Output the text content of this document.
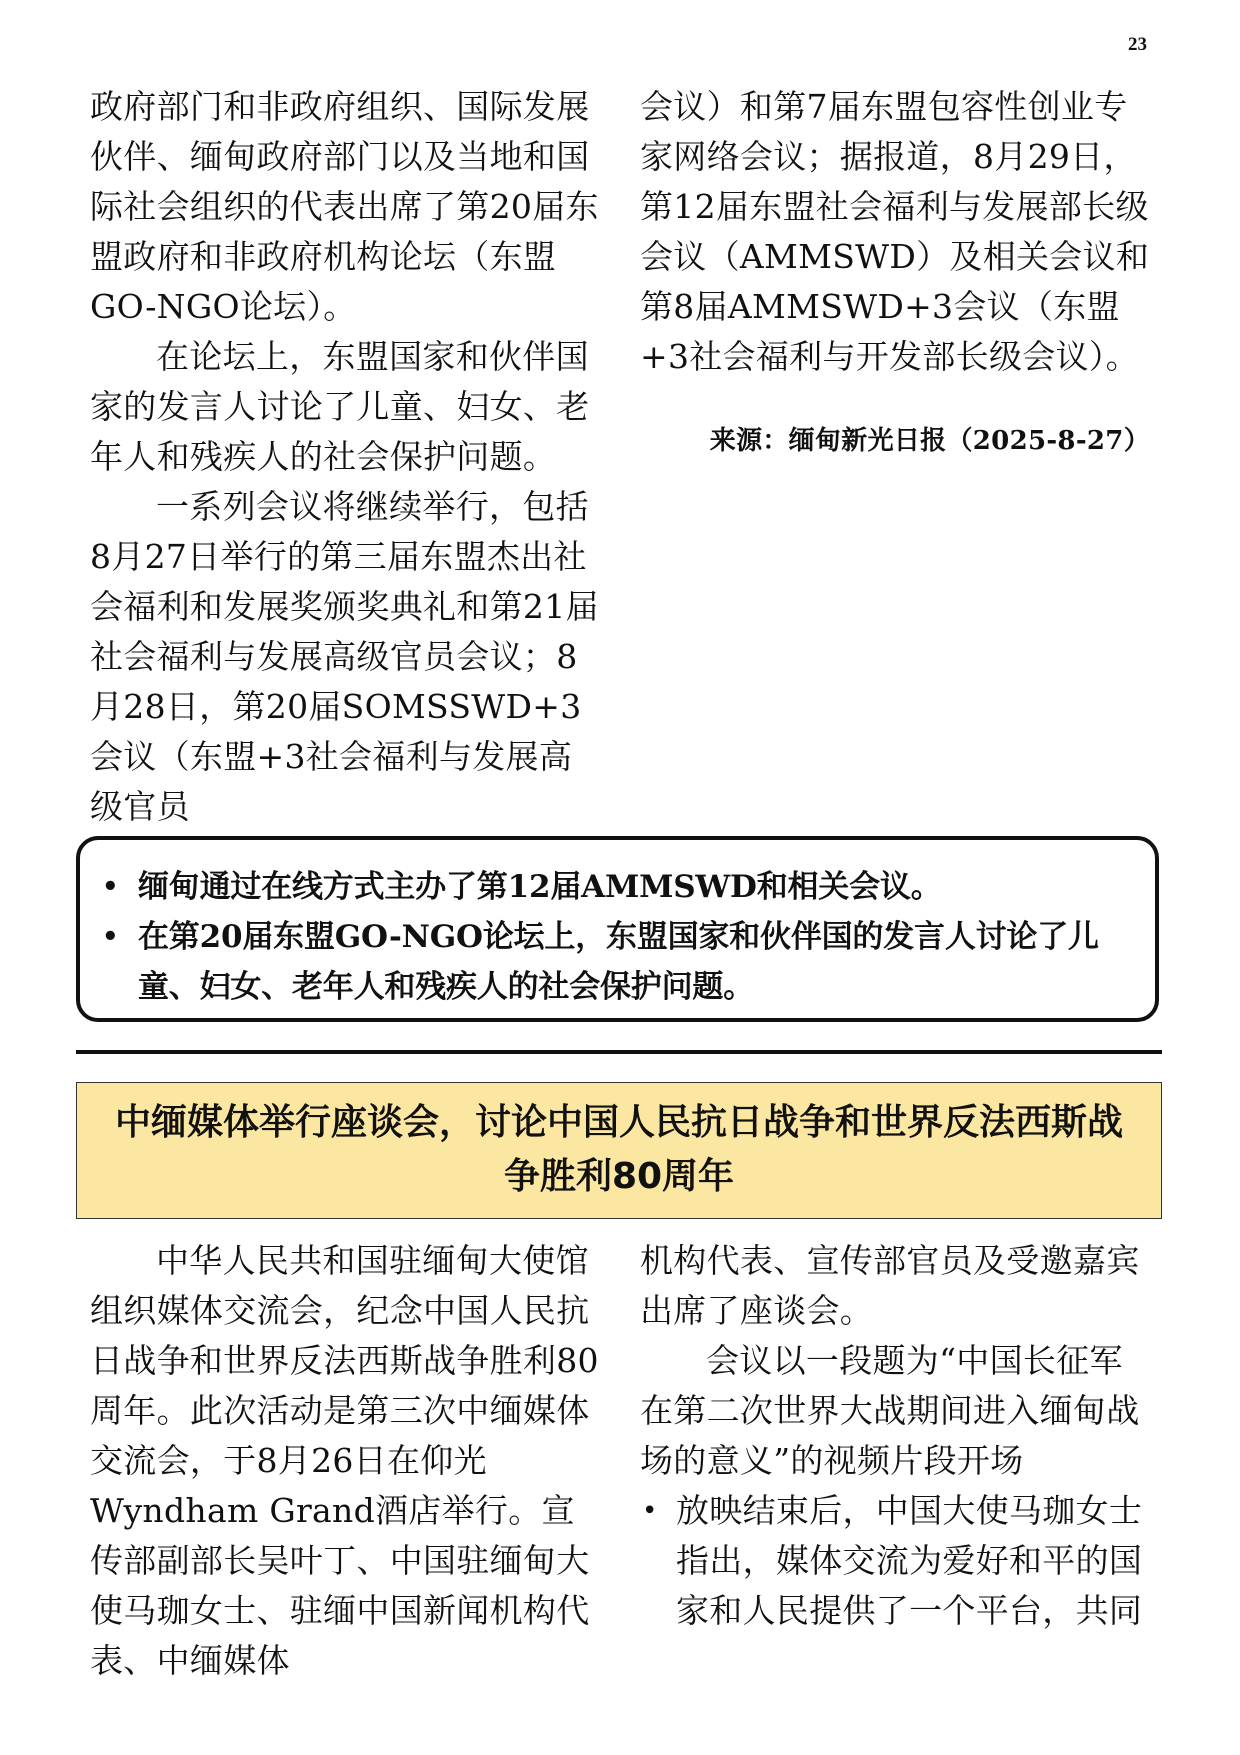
23

政府部门和非政府组织、国际发展伙伴、缅甸政府部门以及当地和国际社会组织的代表出席了第20届东盟政府和非政府机构论坛（东盟GO-NGO论坛）。

在论坛上，东盟国家和伙伴国家的发言人讨论了儿童、妇女、老年人和残疾人的社会保护问题。

一系列会议将继续举行，包括8月27日举行的第三届东盟杰出社会福利和发展奖颁奖典礼和第21届社会福利与发展高级官员会议；8月28日，第20届SOMSSWD+3会议（东盟+3社会福利与发展高级官员

会议）和第7届东盟包容性创业专家网络会议；据报道，8月29日，第12届东盟社会福利与发展部长级会议（AMMSWD）及相关会议和第8届AMMSWD+3会议（东盟+3社会福利与开发部长级会议）。

来源：缅甸新光日报（2025-8-27）

• 缅甸通过在线方式主办了第12届AMMSWD和相关会议。
• 在第20届东盟GO-NGO论坛上，东盟国家和伙伴国的发言人讨论了儿童、妇女、老年人和残疾人的社会保护问题。
中缅媒体举行座谈会，讨论中国人民抗日战争和世界反法西斯战
争胜利80周年

中华人民共和国驻缅甸大使馆组织媒体交流会，纪念中国人民抗日战争和世界反法西斯战争胜利80周年。此次活动是第三次中缅媒体交流会，于8月26日在仰光Wyndham Grand酒店举行。宣传部副部长吴叶丁、中国驻缅甸大使马珈女士、驻缅中国新闻机构代表、中缅媒体

机构代表、宣传部官员及受邀嘉宾出席了座谈会。

会议以一段题为“中国长征军在第二次世界大战期间进入缅甸战场的意义”的视频片段开场

• 放映结束后，中国大使马珈女士指出，媒体交流为爱好和平的国家和人民提供了一个平台，共同
